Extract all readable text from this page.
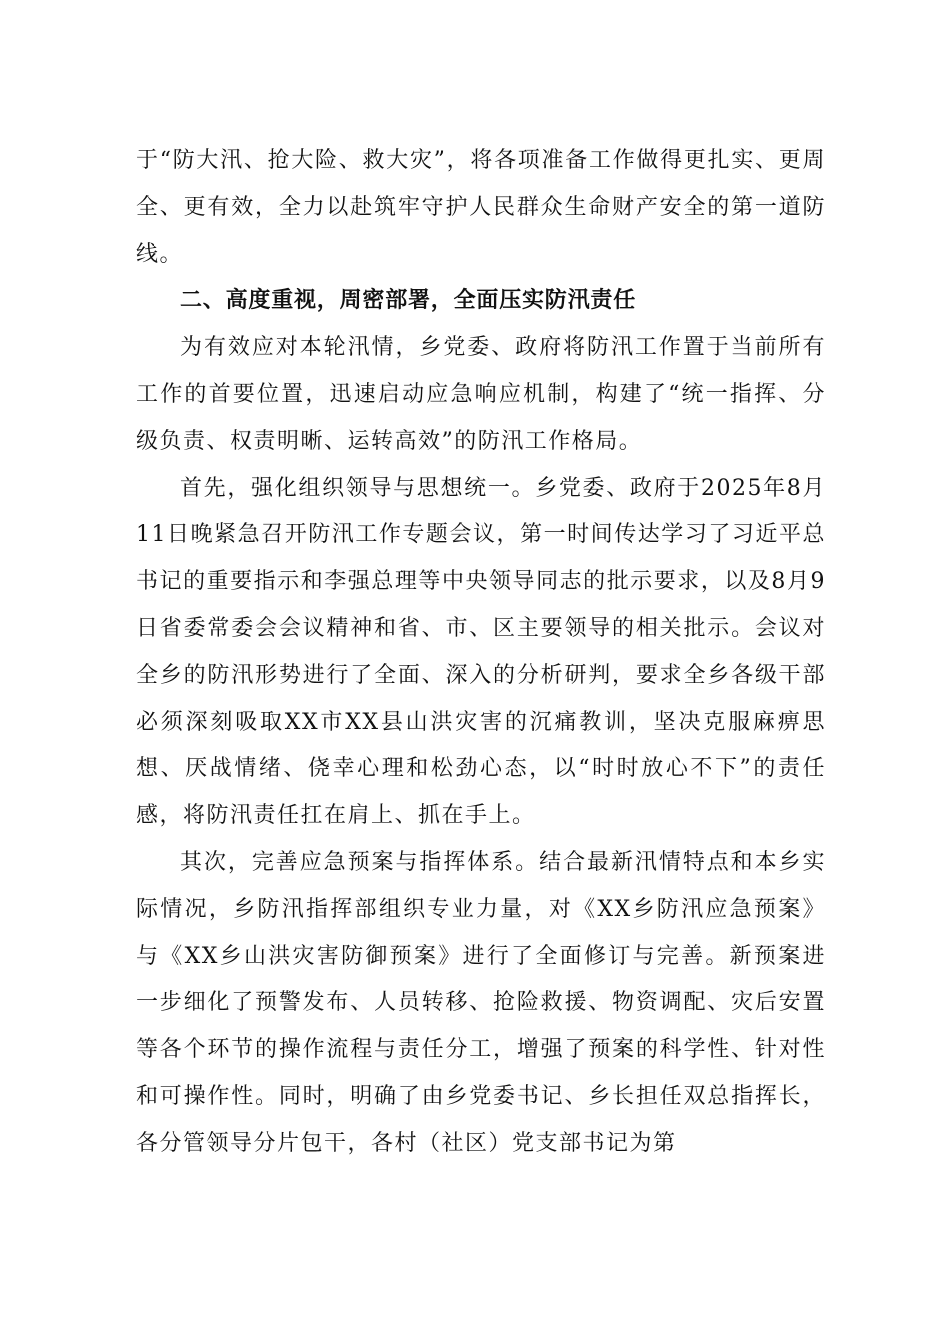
于“防大汛、抢大险、救大灾”，将各项准备工作做得更扎实、更周全、更有效，全力以赴筑牢守护人民群众生命财产安全的第一道防线。

二、高度重视，周密部署，全面压实防汛责任

为有效应对本轮汛情，乡党委、政府将防汛工作置于当前所有工作的首要位置，迅速启动应急响应机制，构建了“统一指挥、分级负责、权责明晰、运转高效”的防汛工作格局。

首先，强化组织领导与思想统一。乡党委、政府于2025年8月11日晚紧急召开防汛工作专题会议，第一时间传达学习了习近平总书记的重要指示和李强总理等中央领导同志的批示要求，以及8月9日省委常委会会议精神和省、市、区主要领导的相关批示。会议对全乡的防汛形势进行了全面、深入的分析研判，要求全乡各级干部必须深刻吸取XX市XX县山洪灾害的沉痛教训，坚决克服麻痹思想、厌战情绪、侥幸心理和松劲心态，以“时时放心不下”的责任感，将防汛责任扛在肩上、抓在手上。

其次，完善应急预案与指挥体系。结合最新汛情特点和本乡实际情况，乡防汛指挥部组织专业力量，对《XX乡防汛应急预案》与《XX乡山洪灾害防御预案》进行了全面修订与完善。新预案进一步细化了预警发布、人员转移、抢险救援、物资调配、灾后安置等各个环节的操作流程与责任分工，增强了预案的科学性、针对性和可操作性。同时，明确了由乡党委书记、乡长担任双总指挥长，各分管领导分片包干，各村（社区）党支部书记为第
